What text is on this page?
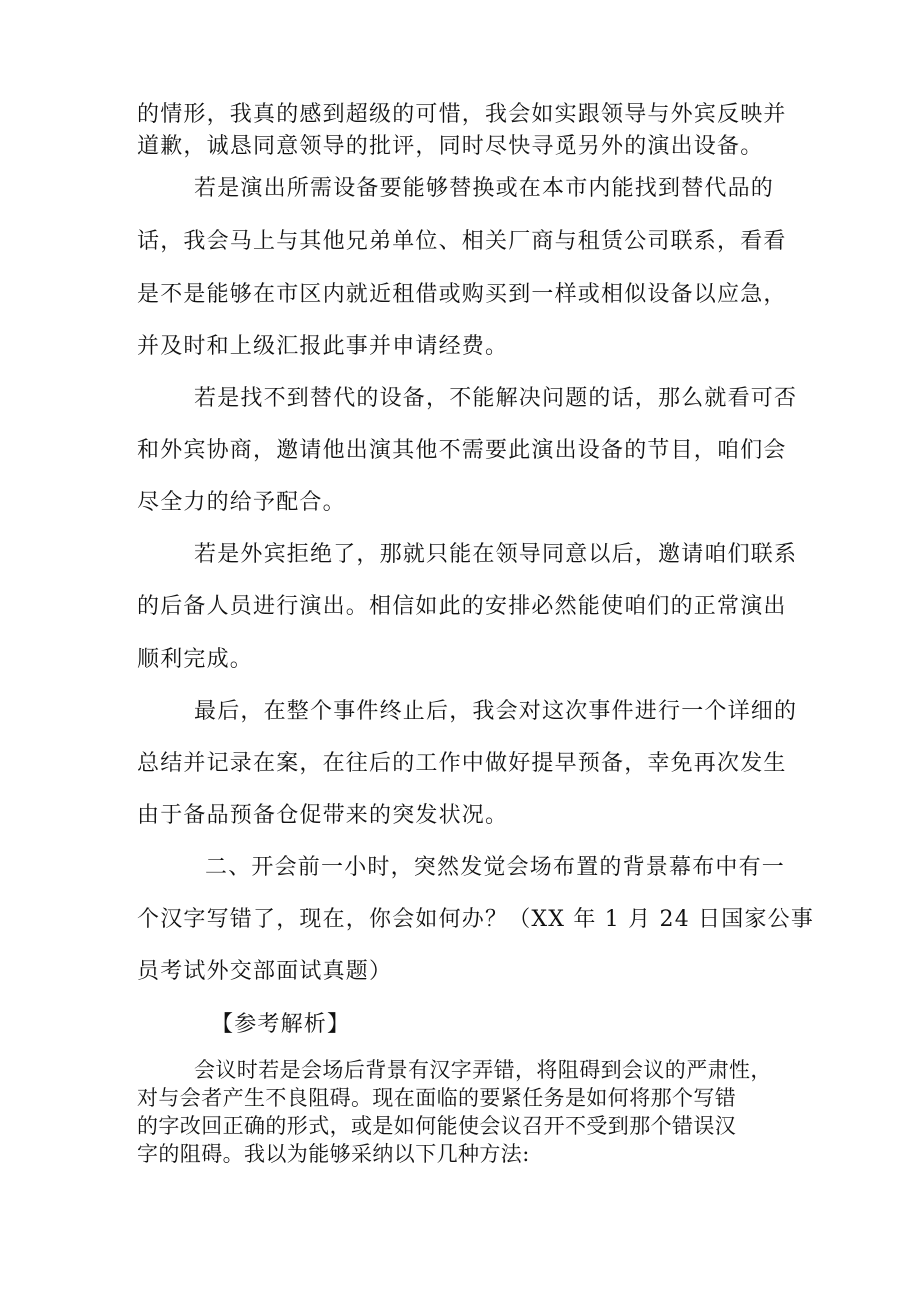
的情形，我真的感到超级的可惜，我会如实跟领导与外宾反映并
道歉，诚恳同意领导的批评，同时尽快寻觅另外的演出设备。
若是演出所需设备要能够替换或在本市内能找到替代品的
话，我会马上与其他兄弟单位、相关厂商与租赁公司联系，看看
是不是能够在市区内就近租借或购买到一样或相似设备以应急，
并及时和上级汇报此事并申请经费。
若是找不到替代的设备，不能解决问题的话，那么就看可否
和外宾协商，邀请他出演其他不需要此演出设备的节目，咱们会
尽全力的给予配合。
若是外宾拒绝了，那就只能在领导同意以后，邀请咱们联系
的后备人员进行演出。相信如此的安排必然能使咱们的正常演出
顺利完成。
最后，在整个事件终止后，我会对这次事件进行一个详细的
总结并记录在案，在往后的工作中做好提早预备，幸免再次发生
由于备品预备仓促带来的突发状况。
二、开会前一小时，突然发觉会场布置的背景幕布中有一
个汉字写错了，现在，你会如何办？（XX 年 1 月 24 日国家公事
员考试外交部面试真题）
【参考解析】
会议时若是会场后背景有汉字弄错，将阻碍到会议的严肃性，
对与会者产生不良阻碍。现在面临的要紧任务是如何将那个写错
的字改回正确的形式，或是如何能使会议召开不受到那个错误汉
字的阻碍。我以为能够采纳以下几种方法:
